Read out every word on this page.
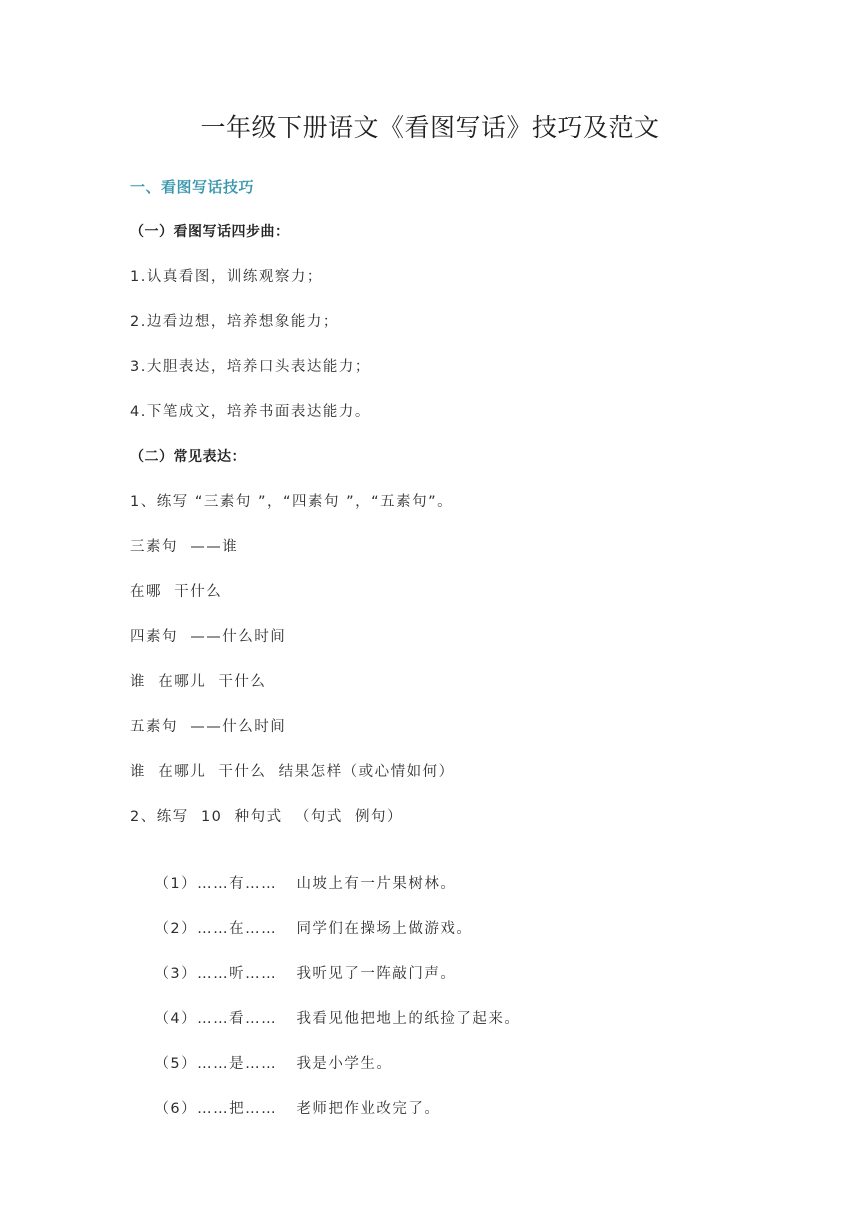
一年级下册语文《看图写话》技巧及范文
一、看图写话技巧
（一）看图写话四步曲：
1.认真看图，训练观察力；
2.边看边想，培养想象能力；
3.大胆表达，培养口头表达能力；
4.下笔成文，培养书面表达能力。
（二）常见表达：
1、练写 “三素句 ”，“四素句 ”，“五素句”。
三素句  ——谁
在哪  干什么
四素句  ——什么时间
谁  在哪儿  干什么
五素句  ——什么时间
谁  在哪儿  干什么  结果怎样（或心情如何）
2、练写  10  种句式  （句式  例句）

（1）……有…… 山坡上有一片果树林。

（2）……在…… 同学们在操场上做游戏。

（3）……听…… 我听见了一阵敲门声。

（4）……看…… 我看见他把地上的纸捡了起来。

（5）……是…… 我是小学生。

（6）……把…… 老师把作业改完了。
